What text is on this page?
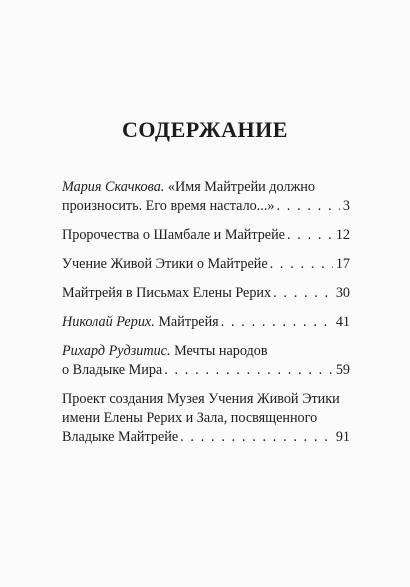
СОДЕРЖАНИЕ
Мария Скачкова. «Имя Майтрейи должно
произносить. Его время настало...» . . .	3
Пророчества о Шамбале и Майтрейе . . .	12
Учение Живой Этики о Майтрейе . . .	17
Майтрейя в Письмах Елены Рерих . . .	30
Николай Рерих. Майтрейя . . .	41
Рихард Рудзитис. Мечты народов
о Владыке Мира . . .	59
Проект создания Музея Учения Живой Этики
имени Елены Рерих и Зала, посвященного
Владыке Майтрейе . . .	91
